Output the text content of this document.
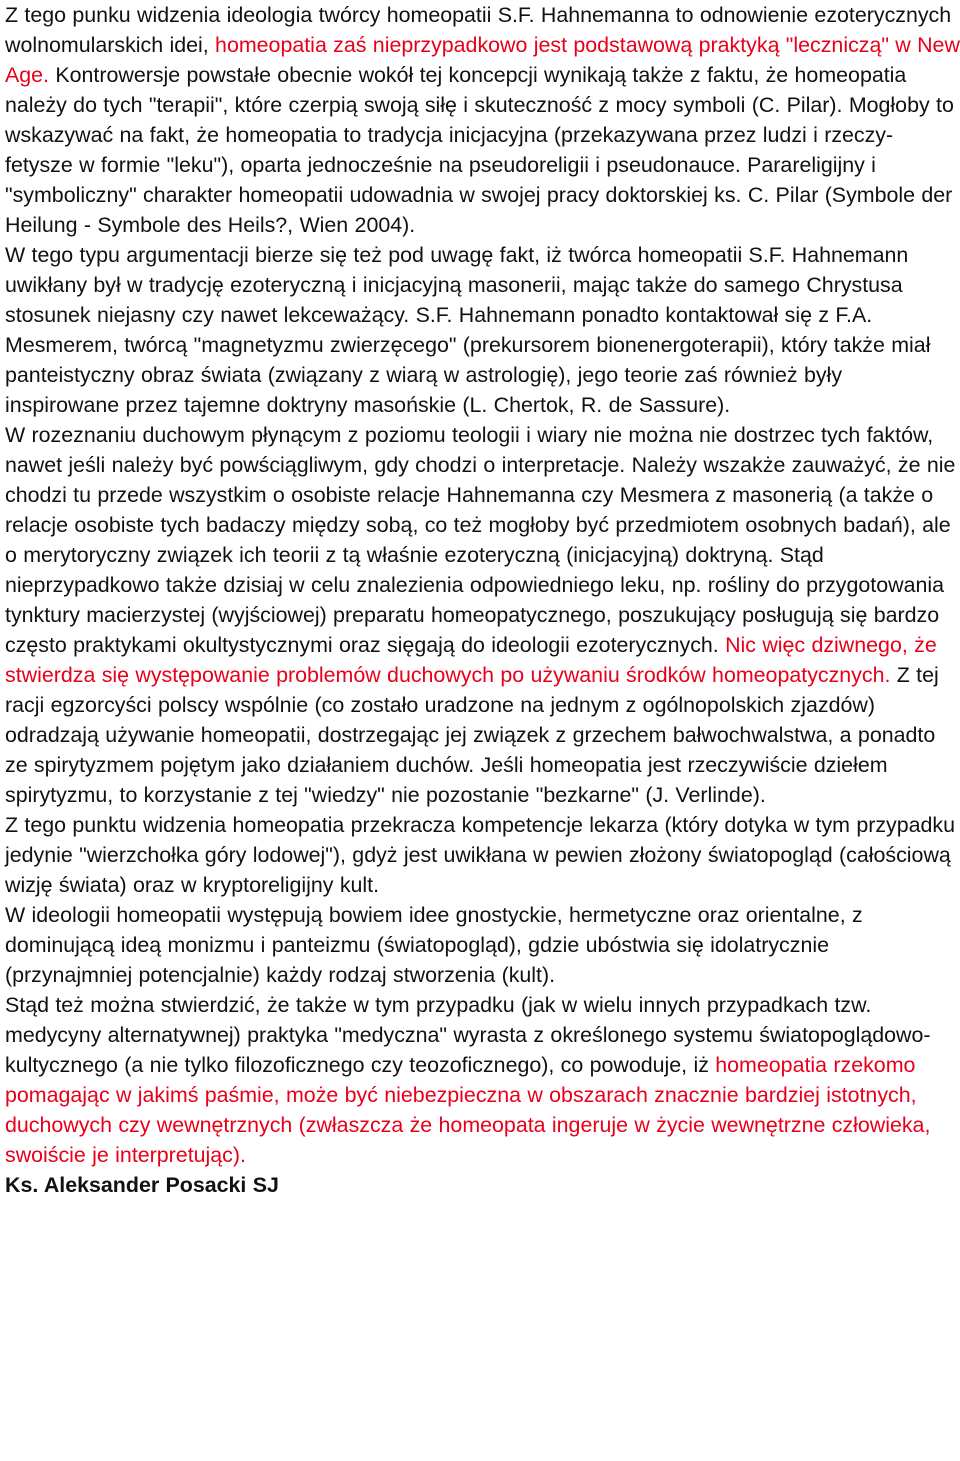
Z tego punku widzenia ideologia twórcy homeopatii S.F. Hahnemanna to odnowienie ezoterycznych wolnomularskich idei, homeopatia zaś nieprzypadkowo jest podstawową praktyką "leczniczą" w New Age. Kontrowersje powstałe obecnie wokół tej koncepcji wynikają także z faktu, że homeopatia należy do tych "terapii", które czerpią swoją siłę i skuteczność z mocy symboli (C. Pilar). Mogłoby to wskazywać na fakt, że homeopatia to tradycja inicjacyjna (przekazywana przez ludzi i rzeczy-fetysze w formie "leku"), oparta jednocześnie na pseudoreligii i pseudonauce. Parareligijny i "symboliczny" charakter homeopatii udowadnia w swojej pracy doktorskiej ks. C. Pilar (Symbole der Heilung - Symbole des Heils?, Wien 2004).

W tego typu argumentacji bierze się też pod uwagę fakt, iż twórca homeopatii S.F. Hahnemann uwikłany był w tradycję ezoteryczną i inicjacyjną masonerii, mając także do samego Chrystusa stosunek niejasny czy nawet lekceważący. S.F. Hahnemann ponadto kontaktował się z F.A. Mesmerem, twórcą "magnetyzmu zwierzęcego" (prekursorem bionenergoterapii), który także miał panteistyczny obraz świata (związany z wiarą w astrologię), jego teorie zaś również były inspirowane przez tajemne doktryny masońskie (L. Chertok, R. de Sassure).

W rozeznaniu duchowym płynącym z poziomu teologii i wiary nie można nie dostrzec tych faktów, nawet jeśli należy być powściągliwym, gdy chodzi o interpretacje. Należy wszakże zauważyć, że nie chodzi tu przede wszystkim o osobiste relacje Hahnemanna czy Mesmera z masonerią (a także o relacje osobiste tych badaczy między sobą, co też mogłoby być przedmiotem osobnych badań), ale o merytoryczny związek ich teorii z tą właśnie ezoteryczną (inicjacyjną) doktryną. Stąd nieprzypadkowo także dzisiaj w celu znalezienia odpowiedniego leku, np. rośliny do przygotowania tynktury macierzystej (wyjściowej) preparatu homeopatycznego, poszukujący posługują się bardzo często praktykami okultystycznymi oraz sięgają do ideologii ezoterycznych. Nic więc dziwnego, że stwierdza się występowanie problemów duchowych po używaniu środków homeopatycznych. Z tej racji egzorcyści polscy wspólnie (co zostało uradzone na jednym z ogólnopolskich zjazdów) odradzają używanie homeopatii, dostrzegając jej związek z grzechem bałwochwalstwa, a ponadto ze spirytyzmem pojętym jako działaniem duchów. Jeśli homeopatia jest rzeczywiście dziełem spirytyzmu, to korzystanie z tej "wiedzy" nie pozostanie "bezkarne" (J. Verlinde).

Z tego punktu widzenia homeopatia przekracza kompetencje lekarza (który dotyka w tym przypadku jedynie "wierzchołka góry lodowej"), gdyż jest uwikłana w pewien złożony światopogląd (całościową wizję świata) oraz w kryptoreligijny kult.

W ideologii homeopatii występują bowiem idee gnostyckie, hermetyczne oraz orientalne, z dominującą ideą monizmu i panteizmu (światopogląd), gdzie ubóstwia się idolatrycznie (przynajmniej potencjalnie) każdy rodzaj stworzenia (kult).

Stąd też można stwierdzić, że także w tym przypadku (jak w wielu innych przypadkach tzw. medycyny alternatywnej) praktyka "medyczna" wyrasta z określonego systemu światopoglądowo-kultycznego (a nie tylko filozoficznego czy teozoficznego), co powoduje, iż homeopatia rzekomo pomagając w jakimś paśmie, może być niebezpieczna w obszarach znacznie bardziej istotnych, duchowych czy wewnętrznych (zwłaszcza że homeopata ingeruje w życie wewnętrzne człowieka, swoiście je interpretując).

Ks. Aleksander Posacki SJ
